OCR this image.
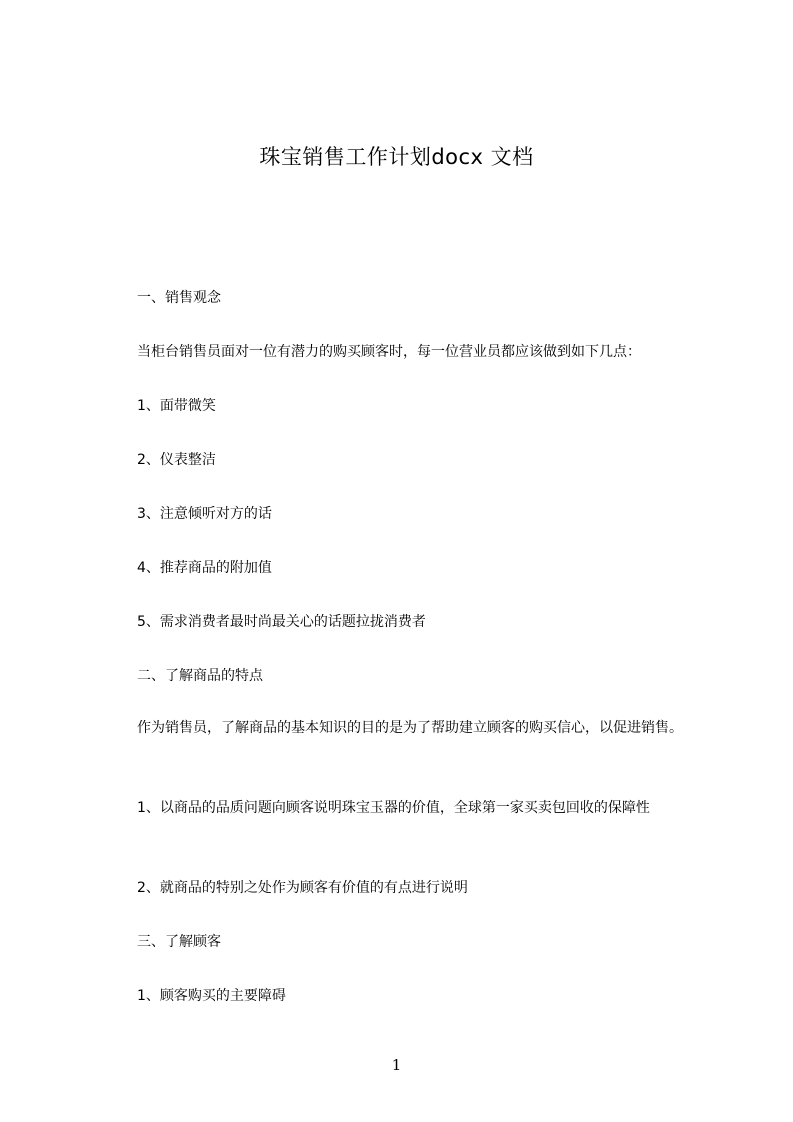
珠宝销售工作计划docx 文档
一、销售观念
当柜台销售员面对一位有潜力的购买顾客时，每一位营业员都应该做到如下几点：
1、面带微笑
2、仪表整洁
3、注意倾听对方的话
4、推荐商品的附加值
5、需求消费者最时尚最关心的话题拉拢消费者
二、了解商品的特点
作为销售员，了解商品的基本知识的目的是为了帮助建立顾客的购买信心，以促进销售。
1、以商品的品质问题向顾客说明珠宝玉器的价值，全球第一家买卖包回收的保障性
2、就商品的特别之处作为顾客有价值的有点进行说明
三、了解顾客
1、顾客购买的主要障碍
1
